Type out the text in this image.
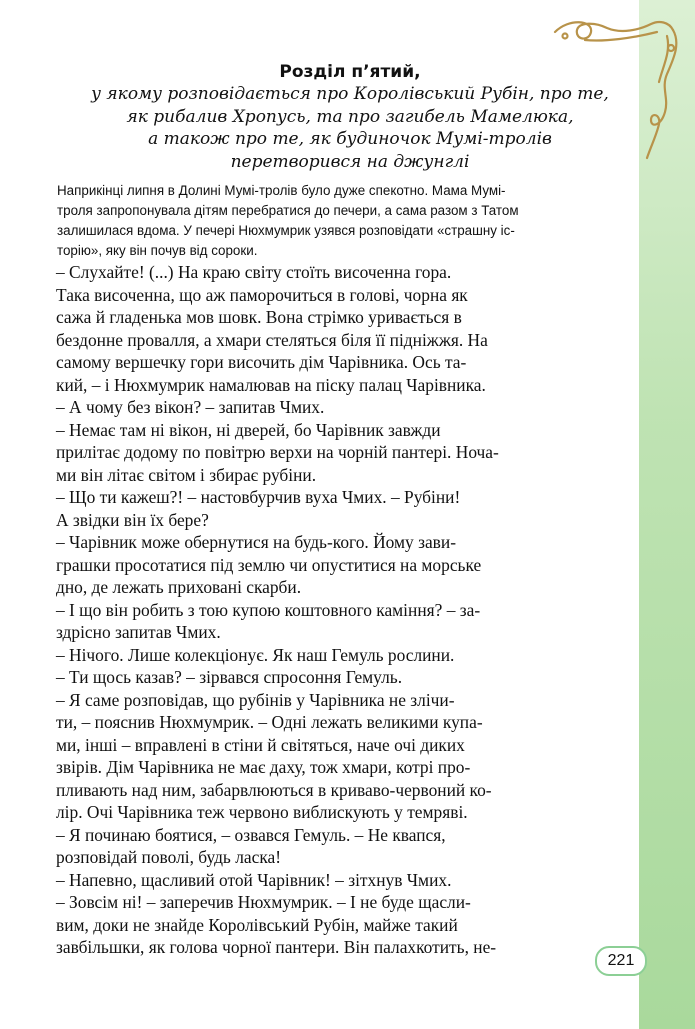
Розділ п’ятий,
у якому розповідається про Королівський Рубін, про те,
як рибалив Хропусь, та про загибель Мамелюка,
а також про те, як будиночок Мумі-тролів
перетворився на джунглі
Наприкінці липня в Долині Мумі-тролів було дуже спекотно. Мама Мумі-
троля запропонувала дітям перебратися до печери, а сама разом з Татом
залишилася вдома. У печері Нюхмумрик узявся розповідати «страшну іс-
торію», яку він почув від сороки.
– Слухайте! (...) На краю світу стоїть височенна гора.
Така височенна, що аж паморочиться в голові, чорна як
сажа й гладенька мов шовк. Вона стрімко уривається в
бездонне провалля, а хмари стеляться біля її підніжжя. На
самому вершечку гори височить дім Чарівника. Ось та-
кий, – і Нюхмумрик намалював на піску палац Чарівника.
– А чому без вікон? – запитав Чмих.
– Немає там ні вікон, ні дверей, бо Чарівник завжди
прилітає додому по повітрю верхи на чорній пантері. Ноча-
ми він літає світом і збирає рубіни.
– Що ти кажеш?! – настовбурчив вуха Чмих. – Рубіни!
А звідки він їх бере?
– Чарівник може обернутися на будь-кого. Йому зави-
грашки просотатися під землю чи опуститися на морське
дно, де лежать приховані скарби.
– І що він робить з тою купою коштовного каміння? – за-
здрісно запитав Чмих.
– Нічого. Лише колекціонує. Як наш Гемуль рослини.
– Ти щось казав? – зірвався спросоння Гемуль.
– Я саме розповідав, що рубінів у Чарівника не злічи-
ти, – пояснив Нюхмумрик. – Одні лежать великими купа-
ми, інші – вправлені в стіни й світяться, наче очі диких
звірів. Дім Чарівника не має даху, тож хмари, котрі про-
пливають над ним, забарвлюються в криваво-червоний ко-
лір. Очі Чарівника теж червоно виблискують у темряві.
– Я починаю боятися, – озвався Гемуль. – Не квапся,
розповідай поволі, будь ласка!
– Напевно, щасливий отой Чарівник! – зітхнув Чмих.
– Зовсім ні! – заперечив Нюхмумрик. – І не буде щасли-
вим, доки не знайде Королівський Рубін, майже такий
завбільшки, як голова чорної пантери. Він палахкотить, не-
221
